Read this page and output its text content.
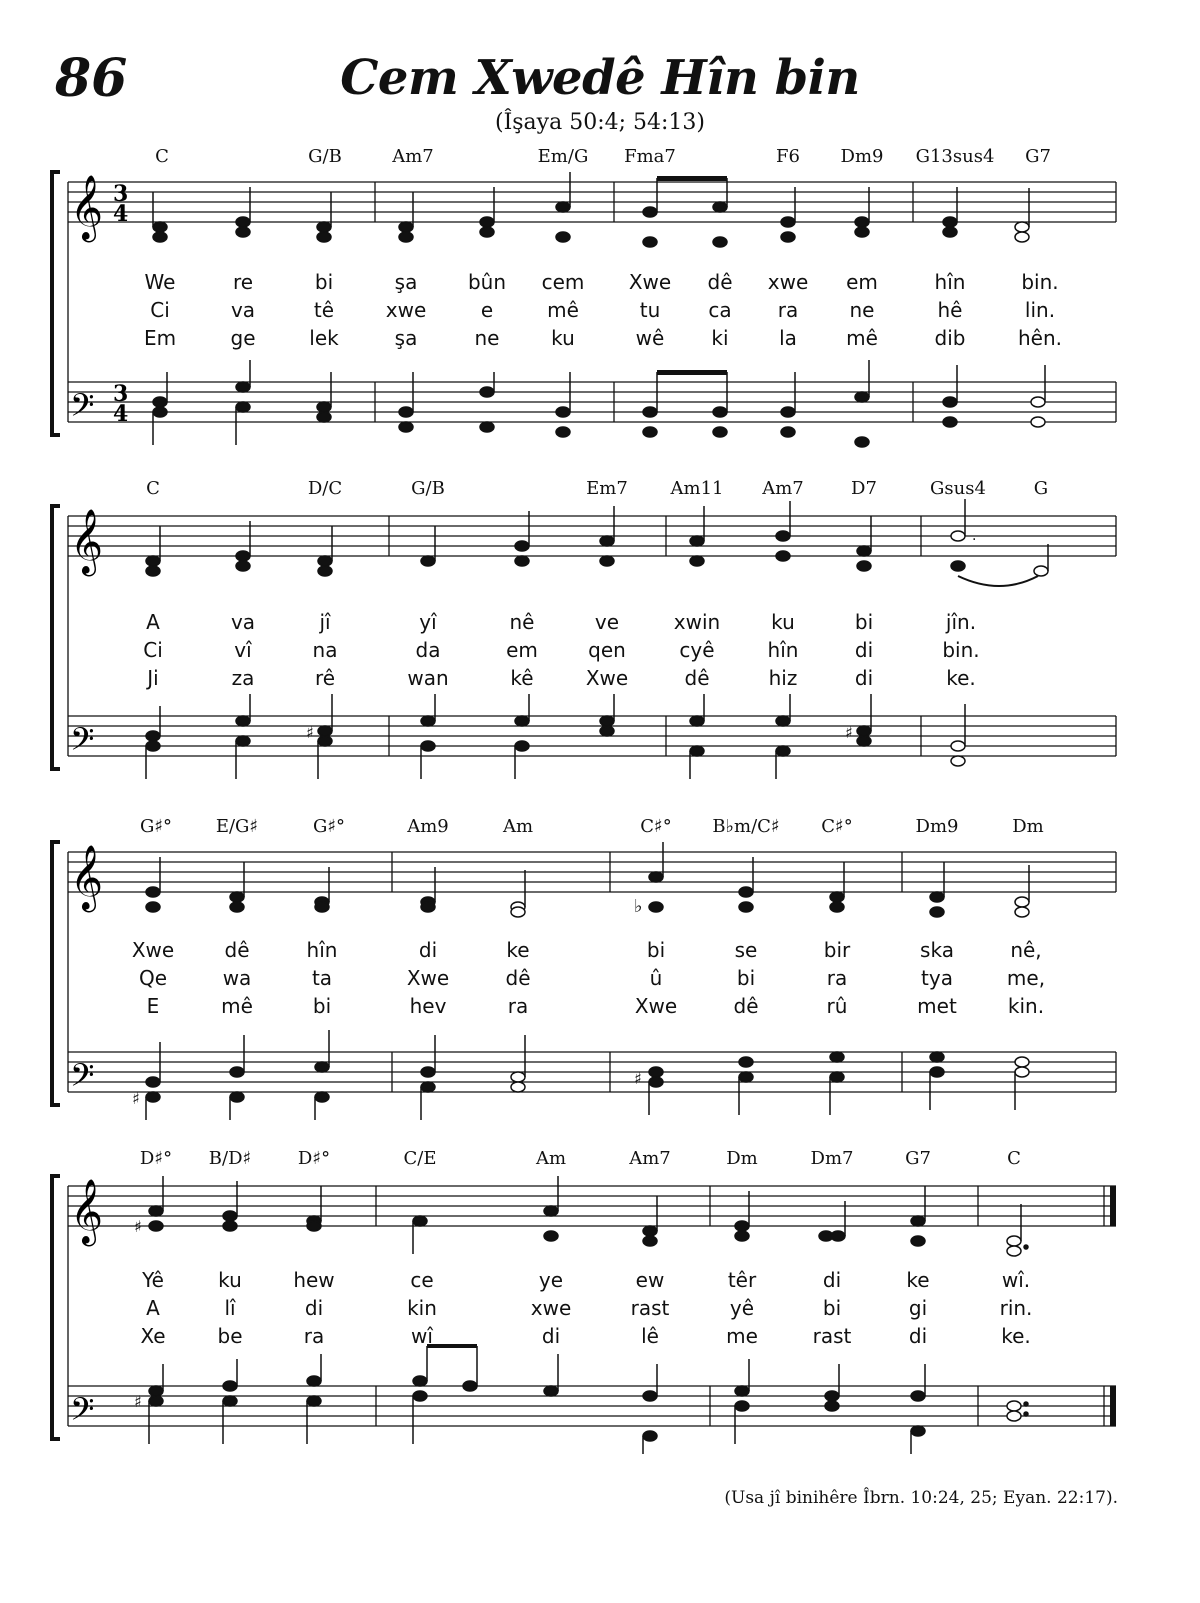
86	Cem Xwedê Hîn bin
(Îşaya 50:4; 54:13)
C	G/B	Am7	Em/G Fma7	F6 Dm9 G13sus4 G7
𝄞
𝄢
3
4
3
4
We	re	bi	şa	bûn cem Xwe dê xwe em	hîn	bin.
Ci	va	tê	xwe	e	mê	tu ca ra	ne	hê	lin.
Em	ge	lek	şa	ne	ku	wê ki	la mê	dib	hên.
C	D/C	G/B	Em7 Am11 Am7	D7	Gsus4	G
𝄞
𝄢
.
♯	♯
A	va	jî	yî	nê	ve	xwin	ku	bi	jîn.
Ci	vî	na	da	em	qen	cyê	hîn	di	bin.
Ji	za	rê	wan	kê	Xwe	dê	hiz	di	ke.
G♯° E/G♯	G♯°	Am9	Am	C♯° B♭m/C♯ C♯°	Dm9	Dm
𝄞
𝄢
♭
♯
♯
Xwe	dê	hîn	di	ke	bi	se	bir	ska	nê,
Qe	wa	ta	Xwe	dê	û	bi	ra	tya	me,
E	mê	bi	hev	ra	Xwe	dê	rû	met	kin.
D♯° B/D♯	D♯°	C/E	Am	Am7	Dm	Dm7	G7	C
𝄞
𝄢
♯
♯
Yê	ku	hew	ce	ye	ew	têr	di	ke	wî.
A	lî	di	kin	xwe	rast	yê	bi	gi	rin.
Xe	be	ra	wî	di	lê	me	rast	di	ke.
(Usa jî binihêre Îbrn. 10:24, 25; Eyan. 22:17).
